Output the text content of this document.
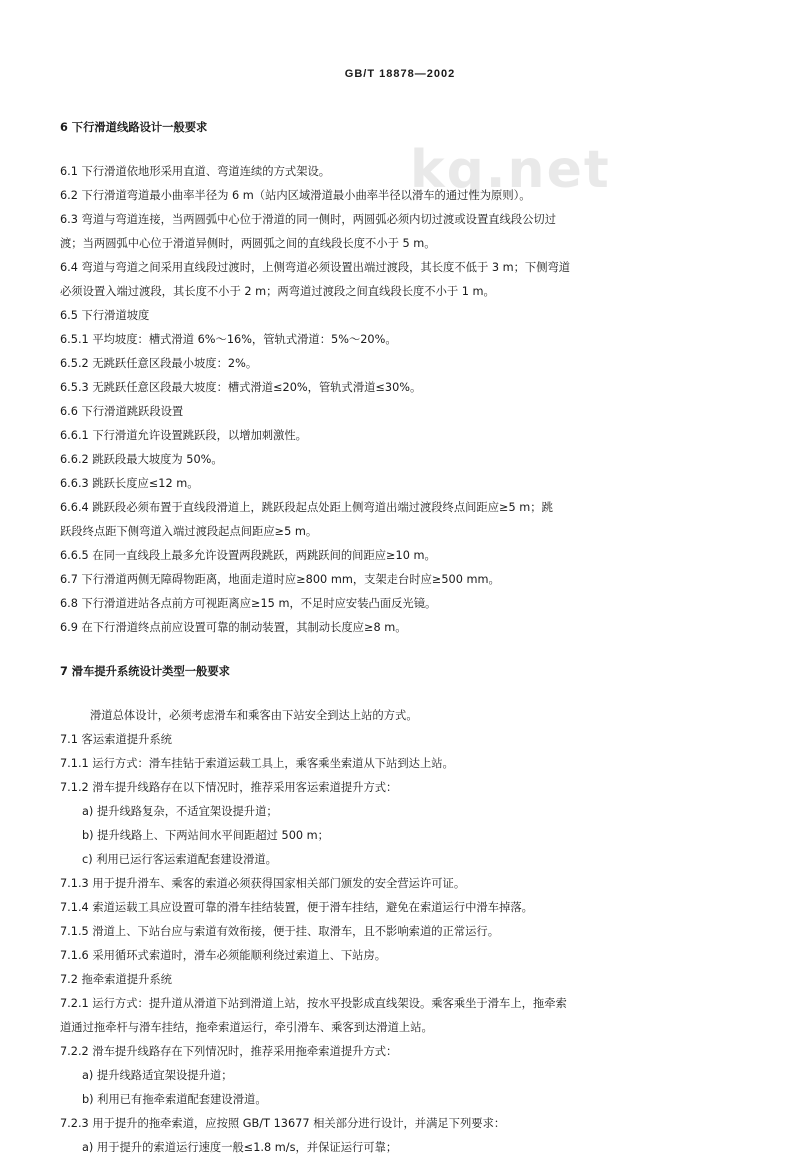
GB/T 18878—2002
kq.net
6 下行滑道线路设计一般要求
6.1 下行滑道依地形采用直道、弯道连续的方式架设。
6.2 下行滑道弯道最小曲率半径为 6 m（站内区域滑道最小曲率半径以滑车的通过性为原则）。
6.3 弯道与弯道连接，当两圆弧中心位于滑道的同一侧时，两圆弧必须内切过渡或设置直线段公切过
渡；当两圆弧中心位于滑道异侧时，两圆弧之间的直线段长度不小于 5 m。
6.4 弯道与弯道之间采用直线段过渡时，上侧弯道必须设置出端过渡段，其长度不低于 3 m；下侧弯道
必须设置入端过渡段，其长度不小于 2 m；两弯道过渡段之间直线段长度不小于 1 m。
6.5 下行滑道坡度
6.5.1 平均坡度：槽式滑道 6%～16%，管轨式滑道：5%～20%。
6.5.2 无跳跃任意区段最小坡度：2%。
6.5.3 无跳跃任意区段最大坡度：槽式滑道≤20%，管轨式滑道≤30%。
6.6 下行滑道跳跃段设置
6.6.1 下行滑道允许设置跳跃段，以增加刺激性。
6.6.2 跳跃段最大坡度为 50%。
6.6.3 跳跃长度应≤12 m。
6.6.4 跳跃段必须布置于直线段滑道上，跳跃段起点处距上侧弯道出端过渡段终点间距应≥5 m；跳
跃段终点距下侧弯道入端过渡段起点间距应≥5 m。
6.6.5 在同一直线段上最多允许设置两段跳跃，两跳跃间的间距应≥10 m。
6.7 下行滑道两侧无障碍物距离，地面走道时应≥800 mm，支架走台时应≥500 mm。
6.8 下行滑道进站各点前方可视距离应≥15 m，不足时应安装凸面反光镜。
6.9 在下行滑道终点前应设置可靠的制动装置，其制动长度应≥8 m。
7 滑车提升系统设计类型一般要求
滑道总体设计，必须考虑滑车和乘客由下站安全到达上站的方式。
7.1 客运索道提升系统
7.1.1 运行方式：滑车挂钻于索道运载工具上，乘客乘坐索道从下站到达上站。
7.1.2 滑车提升线路存在以下情况时，推荐采用客运索道提升方式：
a) 提升线路复杂，不适宜架设提升道；
b) 提升线路上、下两站间水平间距超过 500 m；
c) 利用已运行客运索道配套建设滑道。
7.1.3 用于提升滑车、乘客的索道必须获得国家相关部门颁发的安全营运许可证。
7.1.4 索道运载工具应设置可靠的滑车挂结装置，便于滑车挂结，避免在索道运行中滑车掉落。
7.1.5 滑道上、下站台应与索道有效衔接，便于挂、取滑车，且不影响索道的正常运行。
7.1.6 采用循环式索道时，滑车必须能顺利绕过索道上、下站房。
7.2 拖牵索道提升系统
7.2.1 运行方式：提升道从滑道下站到滑道上站，按水平投影成直线架设。乘客乘坐于滑车上，拖牵索
道通过拖牵杆与滑车挂结，拖牵索道运行，牵引滑车、乘客到达滑道上站。
7.2.2 滑车提升线路存在下列情况时，推荐采用拖牵索道提升方式：
a) 提升线路适宜架设提升道；
b) 利用已有拖牵索道配套建设滑道。
7.2.3 用于提升的拖牵索道，应按照 GB/T 13677 相关部分进行设计，并满足下列要求：
a) 用于提升的索道运行速度一般≤1.8 m/s，并保证运行可靠；
